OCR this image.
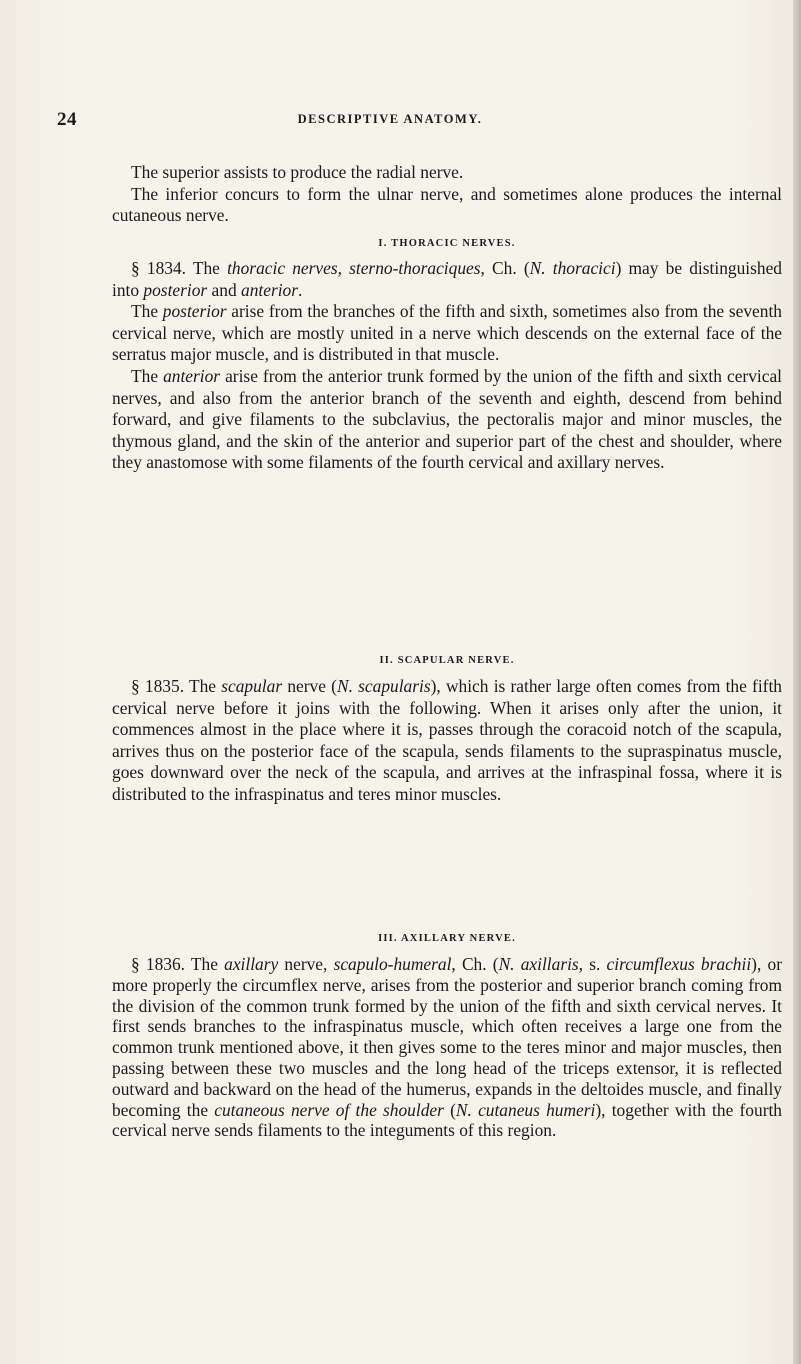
24	DESCRIPTIVE ANATOMY.

The superior assists to produce the radial nerve.

The inferior concurs to form the ulnar nerve, and sometimes alone produces the internal cutaneous nerve.

I. THORACIC NERVES.

§ 1834. The thoracic nerves, sterno-thoraciques, Ch. (N. thoracici) may be distinguished into posterior and anterior.

The posterior arise from the branches of the fifth and sixth, sometimes also from the seventh cervical nerve, which are mostly united in a nerve which descends on the external face of the serratus major muscle, and is distributed in that muscle.

The anterior arise from the anterior trunk formed by the union of the fifth and sixth cervical nerves, and also from the anterior branch of the seventh and eighth, descend from behind forward, and give filaments to the subclavius, the pectoralis major and minor muscles, the thymous gland, and the skin of the anterior and superior part of the chest and shoulder, where they anastomose with some filaments of the fourth cervical and axillary nerves.

II. SCAPULAR NERVE.

§ 1835. The scapular nerve (N. scapularis), which is rather large often comes from the fifth cervical nerve before it joins with the following. When it arises only after the union, it commences almost in the place where it is, passes through the coracoid notch of the scapula, arrives thus on the posterior face of the scapula, sends filaments to the supraspinatus muscle, goes downward over the neck of the scapula, and arrives at the infraspinal fossa, where it is distributed to the infraspinatus and teres minor muscles.

III. AXILLARY NERVE.

§ 1836. The axillary nerve, scapulo-humeral, Ch. (N. axillaris, s. circumflexus brachii), or more properly the circumflex nerve, arises from the posterior and superior branch coming from the division of the common trunk formed by the union of the fifth and sixth cervical nerves. It first sends branches to the infraspinatus muscle, which often receives a large one from the common trunk mentioned above, it then gives some to the teres minor and major muscles, then passing between these two muscles and the long head of the triceps extensor, it is reflected outward and backward on the head of the humerus, expands in the deltoides muscle, and finally becoming the cutaneous nerve of the shoulder (N. cutaneus humeri), together with the fourth cervical nerve sends filaments to the integuments of this region.
